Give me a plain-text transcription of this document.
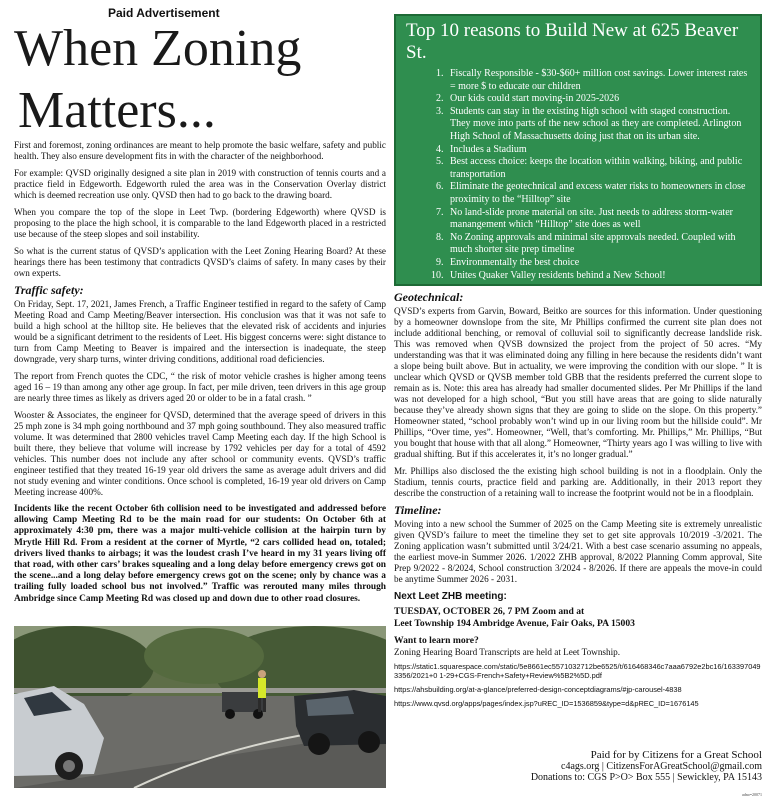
Paid Advertisement
When Zoning
Matters...

First and foremost, zoning ordinances are meant to help promote the basic welfare, safety and public health. They also ensure development fits in with the character of the neighborhood.

For example: QVSD originally designed a site plan in 2019 with construction of tennis courts and a practice field in Edgeworth. Edgeworth ruled the area was in the Conservation Overlay district which is deemed recreation use only. QVSD then had to go back to the drawing board.

When you compare the top of the slope in Leet Twp. (bordering Edgeworth) where QVSD is proposing to the place the high school, it is comparable to the land Edgeworth placed in a restricted use because of the steep slopes and soil instability.

So what is the current status of QVSD’s application with the Leet Zoning Hearing Board? At these hearings there has been testimony that contradicts QVSD’s claims of safety. In many cases by their own experts.

Traffic safety:

On Friday, Sept. 17, 2021, James French, a Traffic Engineer testified in regard to the safety of Camp Meeting Road and Camp Meeting/Beaver intersection. His conclusion was that it was not safe to build a high school at the hilltop site. He believes that the elevated risk of accidents and injuries would be a significant detriment to the residents of Leet. His biggest concerns were: sight distance to turn from Camp Meeting to Beaver is impaired and the intersection is inadequate, the steep downgrade, very sharp turns, winter driving conditions, additional road deficiencies.

The report from French quotes the CDC, “ the risk of motor vehicle crashes is higher among teens aged 16 – 19 than among any other age group. In fact, per mile driven, teen drivers in this age group are nearly three times as likely as drivers aged 20 or older to be in a fatal crash. ”

Wooster & Associates, the engineer for QVSD, determined that the average speed of drivers in this 25 mph zone is 34 mph going northbound and 37 mph going southbound. They also measured traffic volume. It was determined that 2800 vehicles travel Camp Meeting each day. If the high School is built there, they believe that volume will increase by 1792 vehicles per day for a total of 4592 vehicles. This number does not include any after school or community events. QVSD’s traffic engineer testified that they treated 16-19 year old drivers the same as average adult drivers and did not study evening and winter conditions. Once school is completed, 16-19 year old drivers on Camp Meeting increase 400%.

Incidents like the recent October 6th collision need to be investigated and addressed before allowing Camp Meeting Rd to be the main road for our students: On October 6th at approximately 4:30 pm, there was a major multi-vehicle collision at the hairpin turn by Mrytle Hill Rd. From a resident at the corner of Myrtle, “2 cars collided head on, totaled; drivers lived thanks to airbags; it was the loudest crash I’ve heard in my 31 years living off that road, with other cars’ brakes squealing and a long delay before emergency crews got on the scene...and a long delay before emergency crews got on the scene; only by chance was a trailing fully loaded school bus not involved.” Traffic was rerouted many miles through Ambridge since Camp Meeting Rd was closed up and down due to other road closures.

Top 10 reasons to Build New at 625 Beaver St.
1. Fiscally Responsible - $30-$60+ million cost savings. Lower interest rates = more $ to educate our children
2. Our kids could start moving-in 2025-2026
3. Students can stay in the existing high school with staged construction. They move into parts of the new school as they are completed. Arlington High School of Massachusetts doing just that on its urban site.
4. Includes a Stadium
5. Best access choice: keeps the location within walking, biking, and public transportation
6. Eliminate the geotechnical and excess water risks to homeowners in close proximity to the “Hilltop” site
7. No land-slide prone material on site. Just needs to address storm-water manangement which “Hilltop” site does as well
8. No Zoning approvals and minimal site approvals needed. Coupled with much shorter site prep timeline
9. Environmentally the best choice
10. Unites Quaker Valley residents behind a New School!
Geotechnical:

QVSD’s experts from Garvin, Boward, Beitko are sources for this information. Under questioning by a homeowner downslope from the site, Mr Phillips confirmed the current site plan does not include additional benching, or removal of colluvial soil to significantly decrease landslide risk. This was removed when QVSB downsized the project from the project of 50 acres. “My understanding was that it was eliminated doing any filling in here because the residents didn’t want a slope being built above. But in actuality, we were improving the condition with our slope. ” It is unclear which QVSD or QVSB member told GBB that the residents preferred the current slope to remain as is. Note: this area has already had smaller documented slides. Per Mr Phillips if the land was not developed for a high school, “But you still have areas that are going to slide naturally because they’ve already shown signs that they are going to slide on the slope. On this property.” Homeowner stated, “school probably won’t wind up in our living room but the hillside could”. Mr Phillips, “Over time, yes”. Homeowner, “Well, that’s comforting. Mr. Phillips,” Mr. Phillips, “But you bought that house with that all along.” Homeowner, “Thirty years ago I was willing to live with gradual shifting. But if this accelerates it, it’s no longer gradual.”

Mr. Phillips also disclosed the the existing high school building is not in a floodplain. Only the Stadium, tennis courts, practice field and parking are. Additionally, in their 2013 report they describe the construction of a retaining wall to increase the footprint would not be in a floodplain.

Timeline:

Moving into a new school the Summer of 2025 on the Camp Meeting site is extremely unrealistic given QVSD’s failure to meet the timeline they set to get site approvals 10/2019 -3/2021. The Zoning application wasn’t submitted until 3/24/21. With a best case scenario assuming no appeals, the earliest move-in Summer 2026. 1/2022 ZHB approval, 8/2022 Planning Comm approval, Site Prep 9/2022 - 8/2024, School construction 3/2024 - 8/2026. If there are appeals the move-in could be anytime Summer 2026 - 2031.

Next Leet ZHB meeting:
TUESDAY, OCTOBER 26, 7 PM Zoom and at
Leet Township 194 Ambridge Avenue, Fair Oaks, PA 15003
Want to learn more?

Zoning Hearing Board Transcripts are held at Leet Township.

https://static1.squarespace.com/static/5e8661ec5571032712be6525/t/616468346c7aaa6792e2bc16/1633970493356/2021+0 1-29+CGS-French+Safety+Review%5B2%5D.pdf

https://ahsbuilding.org/at-a-glance/preferred-design-conceptdiagrams/#jp-carousel-4838

https://www.qvsd.org/apps/pages/index.jsp?uREC_ID=1536859&type=d&pREC_ID=1676145

Paid for by Citizens for a Great School
c4ags.org | CitizensForAGreatSchool@gmail.com
Donations to: CGS P>O> Box 555 | Sewickley, PA 15143
adno=20071
